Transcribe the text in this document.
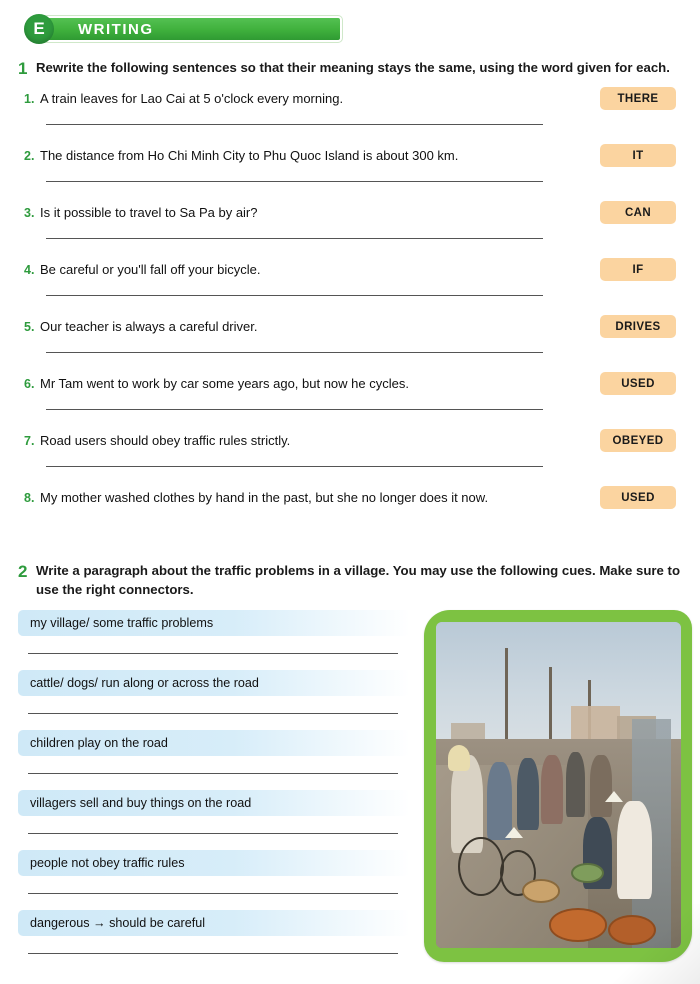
E	WRITING
1 Rewrite the following sentences so that their meaning stays the same, using the word given for each.
1. A train leaves for Lao Cai at 5 o'clock every morning.	THERE
2. The distance from Ho Chi Minh City to Phu Quoc Island is about 300 km.	IT
3. Is it possible to travel to Sa Pa by air?	CAN
4. Be careful or you'll fall off your bicycle.	IF
5. Our teacher is always a careful driver.	DRIVES
6. Mr Tam went to work by car some years ago, but now he cycles.	USED
7. Road users should obey traffic rules strictly.	OBEYED
8. My mother washed clothes by hand in the past, but she no longer does it now.	USED
2 Write a paragraph about the traffic problems in a village. You may use the following cues. Make sure to use the right connectors.
my village/ some traffic problems
cattle/ dogs/ run along or across the road
children play on the road
villagers sell and buy things on the road
people not obey traffic rules
dangerous → should be careful
